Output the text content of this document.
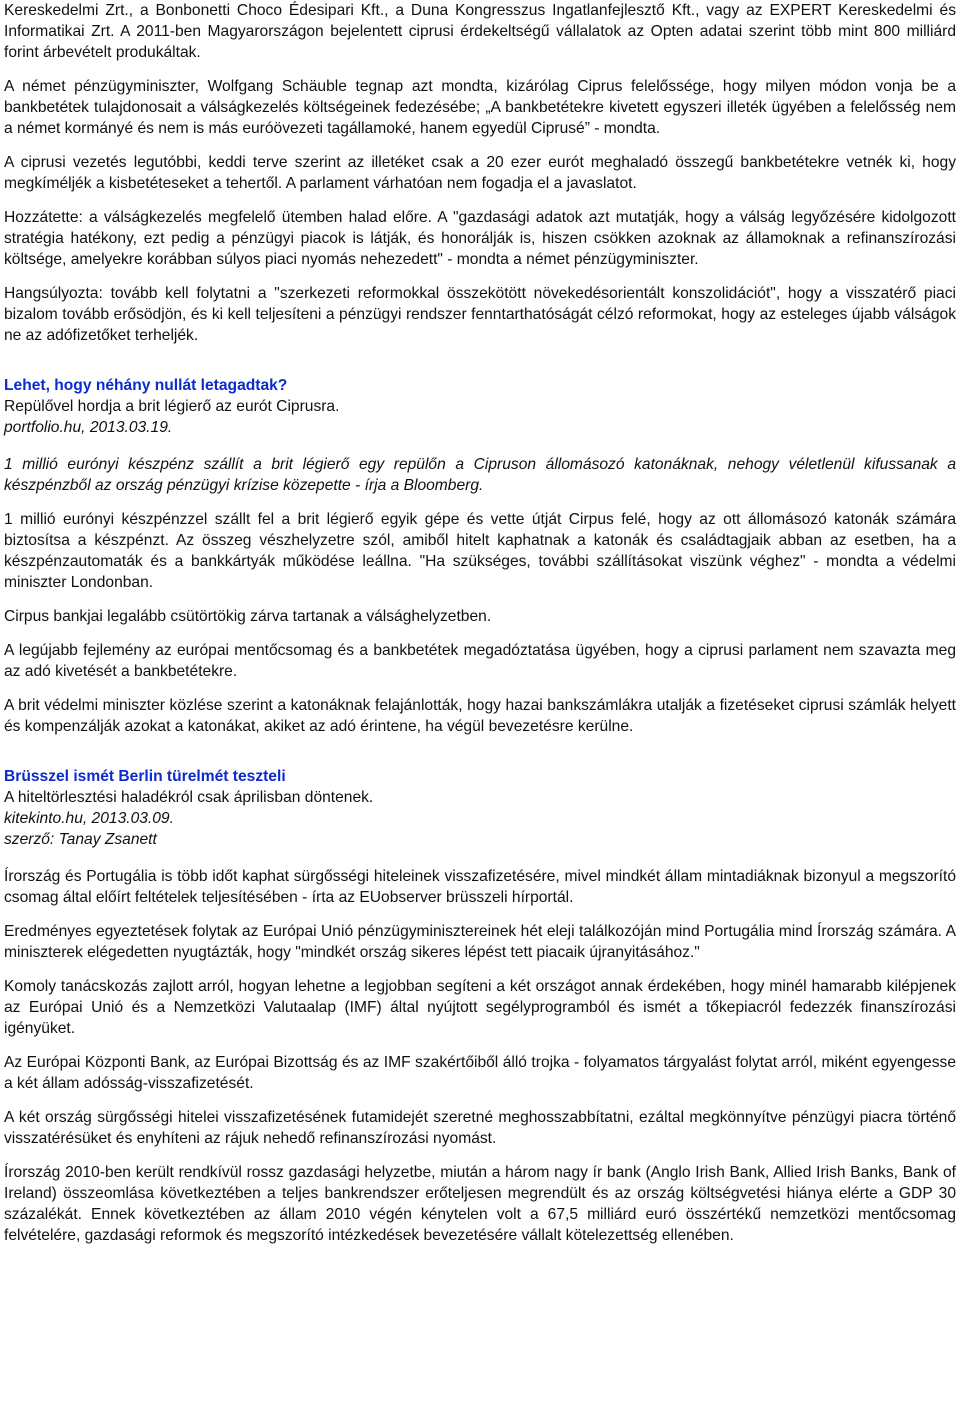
Kereskedelmi Zrt., a Bonbonetti Choco Édesipari Kft., a Duna Kongresszus Ingatlanfejlesztő Kft., vagy az EXPERT Kereskedelmi és Informatikai Zrt. A 2011-ben Magyarországon bejelentett ciprusi érdekeltségű vállalatok az Opten adatai szerint több mint 800 milliárd forint árbevételt produkáltak.

A német pénzügyminiszter, Wolfgang Schäuble tegnap azt mondta, kizárólag Ciprus felelőssége, hogy milyen módon vonja be a bankbetétek tulajdonosait a válságkezelés költségeinek fedezésébe; „A bankbetétekre kivetett egyszeri illeték ügyében a felelősség nem a német kormányé és nem is más euróövezeti tagállamoké, hanem egyedül Ciprusé” - mondta.

A ciprusi vezetés legutóbbi, keddi terve szerint az illetéket csak a 20 ezer eurót meghaladó összegű bankbetétekre vetnék ki, hogy megkíméljék a kisbetéteseket a tehertől. A parlament várhatóan nem fogadja el a javaslatot.

Hozzátette: a válságkezelés megfelelő ütemben halad előre. A "gazdasági adatok azt mutatják, hogy a válság legyőzésére kidolgozott stratégia hatékony, ezt pedig a pénzügyi piacok is látják, és honorálják is, hiszen csökken azoknak az államoknak a refinanszírozási költsége, amelyekre korábban súlyos piaci nyomás nehezedett" - mondta a német pénzügyminiszter.

Hangsúlyozta: tovább kell folytatni a "szerkezeti reformokkal összekötött növekedésorientált konszolidációt", hogy a visszatérő piaci bizalom tovább erősödjön, és ki kell teljesíteni a pénzügyi rendszer fenntarthatóságát célzó reformokat, hogy az esteleges újabb válságok ne az adófizetőket terheljék.

Lehet, hogy néhány nullát letagadtak?
Repülővel hordja a brit légierő az eurót Ciprusra.
portfolio.hu, 2013.03.19.

1 millió eurónyi készpénz szállít a brit légierő egy repülőn a Cipruson állomásozó katonáknak, nehogy véletlenül kifussanak a készpénzből az ország pénzügyi krízise közepette - írja a Bloomberg.

1 millió eurónyi készpénzzel szállt fel a brit légierő egyik gépe és vette útját Cirpus felé, hogy az ott állomásozó katonák számára biztosítsa a készpénzt. Az összeg vészhelyzetre szól, amiből hitelt kaphatnak a katonák és családtagjaik abban az esetben, ha a készpénzautomaták és a bankkártyák működése leállna. "Ha szükséges, további szállításokat viszünk véghez" - mondta a védelmi miniszter Londonban.

Cirpus bankjai legalább csütörtökig zárva tartanak a válsághelyzetben.

A legújabb fejlemény az európai mentőcsomag és a bankbetétek megadóztatása ügyében, hogy a ciprusi parlament nem szavazta meg az adó kivetését a bankbetétekre.

A brit védelmi miniszter közlése szerint a katonáknak felajánlották, hogy hazai bankszámlákra utalják a fizetéseket ciprusi számlák helyett és kompenzálják azokat a katonákat, akiket az adó érintene, ha végül bevezetésre kerülne.

Brüsszel ismét Berlin türelmét teszteli
A hiteltörlesztési haladékról csak áprilisban döntenek.
kitekinto.hu, 2013.03.09.
szerző: Tanay Zsanett

Írország és Portugália is több időt kaphat sürgősségi hiteleinek visszafizetésére, mivel mindkét állam mintadiáknak bizonyul a megszorító csomag által előírt feltételek teljesítésében - írta az EUobserver brüsszeli hírportál.

Eredményes egyeztetések folytak az Európai Unió pénzügyminisztereinek hét eleji találkozóján mind Portugália mind Írország számára. A miniszterek elégedetten nyugtázták, hogy "mindkét ország sikeres lépést tett piacaik újranyitásához."

Komoly tanácskozás zajlott arról, hogyan lehetne a legjobban segíteni a két országot annak érdekében, hogy minél hamarabb kilépjenek az Európai Unió és a Nemzetközi Valutaalap (IMF) által nyújtott segélyprogramból és ismét a tőkepiacról fedezzék finanszírozási igényüket.

Az Európai Központi Bank, az Európai Bizottság és az IMF szakértőiből álló trojka - folyamatos tárgyalást folytat arról, miként egyengesse a két állam adósság-visszafizetését.

A két ország sürgősségi hitelei visszafizetésének futamidejét szeretné meghosszabbítatni, ezáltal megkönnyítve pénzügyi piacra történő visszatérésüket és enyhíteni az rájuk nehedő refinanszírozási nyomást.

Írország 2010-ben került rendkívül rossz gazdasági helyzetbe, miután a három nagy ír bank (Anglo Irish Bank, Allied Irish Banks, Bank of Ireland) összeomlása következtében a teljes bankrendszer erőteljesen megrendült és az ország költségvetési hiánya elérte a GDP 30 százalékát. Ennek következtében az állam 2010 végén kénytelen volt a 67,5 milliárd euró összértékű nemzetközi mentőcsomag felvételére, gazdasági reformok és megszorító intézkedések bevezetésére vállalt kötelezettség ellenében.
